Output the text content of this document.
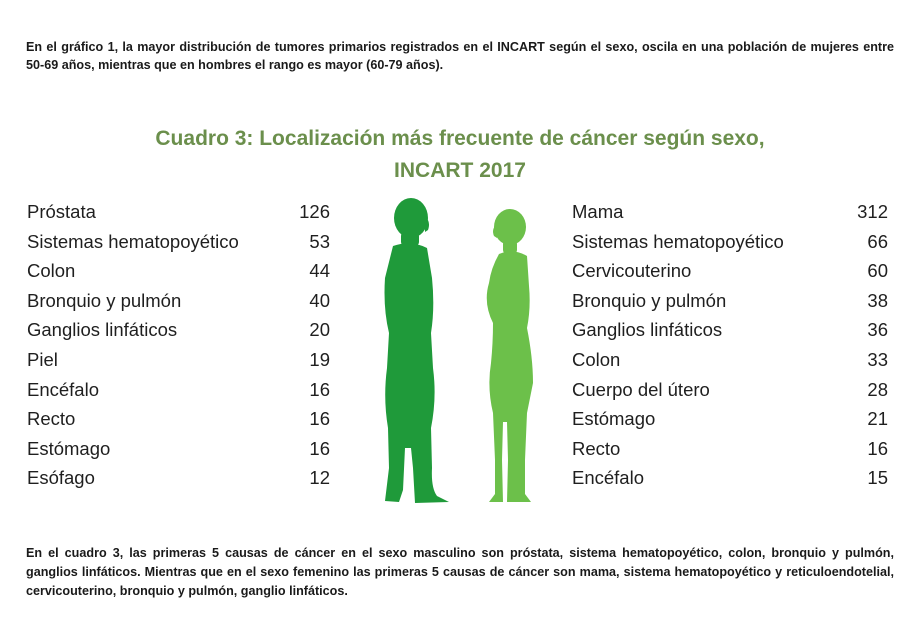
En el gráfico 1, la mayor distribución de tumores primarios registrados en el INCART según el sexo, oscila en una población de mujeres entre 50-69 años, mientras que en hombres el rango es mayor (60-79 años).

Cuadro 3: Localización más frecuente de cáncer según sexo,
INCART 2017
Próstata	126
Sistemas hematopoyético	53
Colon	44
Bronquio y pulmón	40
Ganglios linfáticos	20
Piel	19
Encéfalo	16
Recto	16
Estómago	16
Esófago	12
Mama	312
Sistemas hematopoyético	66
Cervicouterino	60
Bronquio y pulmón	38
Ganglios linfáticos	36
Colon	33
Cuerpo del útero	28
Estómago	21
Recto	16
Encéfalo	15

En el cuadro 3, las primeras 5 causas de cáncer en el sexo masculino son próstata, sistema hematopoyético, colon, bronquio y pulmón, ganglios linfáticos. Mientras que en el sexo femenino las primeras 5 causas de cáncer son mama, sistema hematopoyético y reticuloendotelial, cervicouterino, bronquio y pulmón, ganglio linfáticos.
